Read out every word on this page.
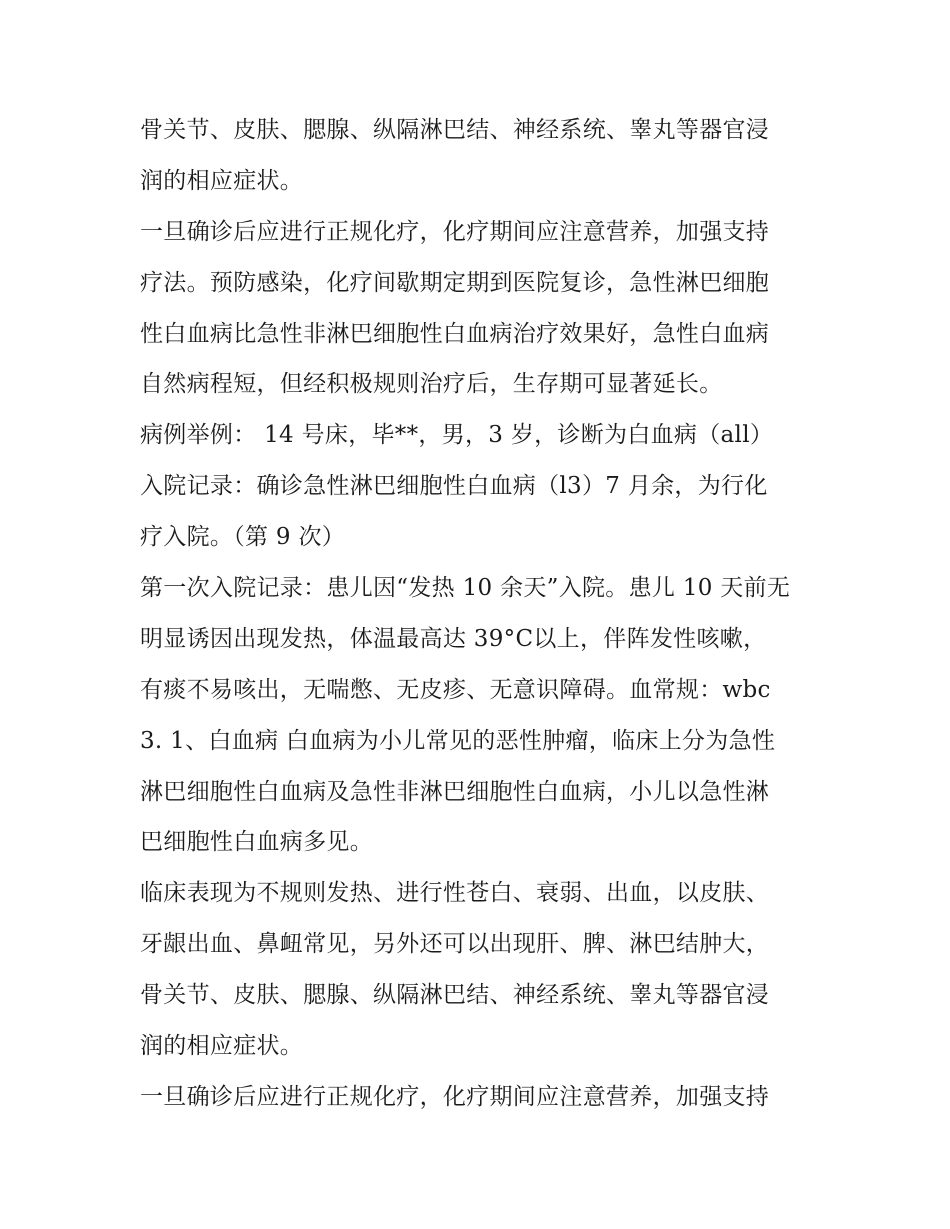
骨关节、皮肤、腮腺、纵隔淋巴结、神经系统、睾丸等器官浸
润的相应症状。
一旦确诊后应进行正规化疗，化疗期间应注意营养，加强支持
疗法。预防感染，化疗间歇期定期到医院复诊，急性淋巴细胞
性白血病比急性非淋巴细胞性白血病治疗效果好，急性白血病
自然病程短，但经积极规则治疗后，生存期可显著延长。
病例举例： 14 号床，毕**，男，3 岁，诊断为白血病（all）
入院记录：确诊急性淋巴细胞性白血病（l3）7 月余，为行化
疗入院。（第 9 次）
第一次入院记录：患儿因“发热 10 余天”入院。患儿 10 天前无
明显诱因出现发热，体温最高达 39°C以上，伴阵发性咳嗽，
有痰不易咳出，无喘憋、无皮疹、无意识障碍。血常规：wbc
3. 1、白血病 白血病为小儿常见的恶性肿瘤，临床上分为急性
淋巴细胞性白血病及急性非淋巴细胞性白血病，小儿以急性淋
巴细胞性白血病多见。
临床表现为不规则发热、进行性苍白、衰弱、出血，以皮肤、
牙龈出血、鼻衄常见，另外还可以出现肝、脾、淋巴结肿大，
骨关节、皮肤、腮腺、纵隔淋巴结、神经系统、睾丸等器官浸
润的相应症状。
一旦确诊后应进行正规化疗，化疗期间应注意营养，加强支持
